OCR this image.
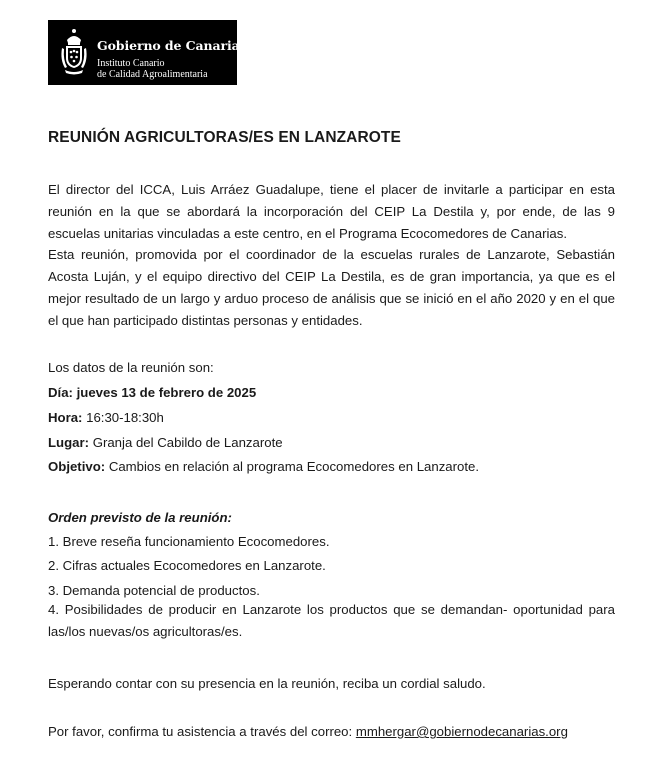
Gobierno de Canarias
Instituto Canario
de Calidad Agroalimentaria
REUNIÓN AGRICULTORAS/ES EN LANZAROTE

El director del ICCA, Luis Arráez Guadalupe, tiene el placer de invitarle a participar en esta reunión en la que se abordará la incorporación del CEIP La Destila y, por ende, de las 9 escuelas unitarias vinculadas a este centro, en el Programa Ecocomedores de Canarias.

Esta reunión, promovida por el coordinador de la escuelas rurales de Lanzarote, Sebastián Acosta Luján, y el equipo directivo del CEIP La Destila, es de gran importancia, ya que es el mejor resultado de un largo y arduo proceso de análisis que se inició en el año 2020 y en el que el que han participado distintas personas y entidades.

Los datos de la reunión son:

Día: jueves 13 de febrero de 2025

Hora: 16:30-18:30h

Lugar: Granja del Cabildo de Lanzarote

Objetivo: Cambios en relación al programa Ecocomedores en Lanzarote.

Orden previsto de la reunión:

1. Breve reseña funcionamiento Ecocomedores.

2. Cifras actuales Ecocomedores en Lanzarote.

3. Demanda potencial de productos.

4. Posibilidades de producir en Lanzarote los productos que se demandan- oportunidad para las/los nuevas/os agricultoras/es.

Esperando contar con su presencia en la reunión, reciba un cordial saludo.

Por favor, confirma tu asistencia a través del correo: mmhergar@gobiernodecanarias.org
